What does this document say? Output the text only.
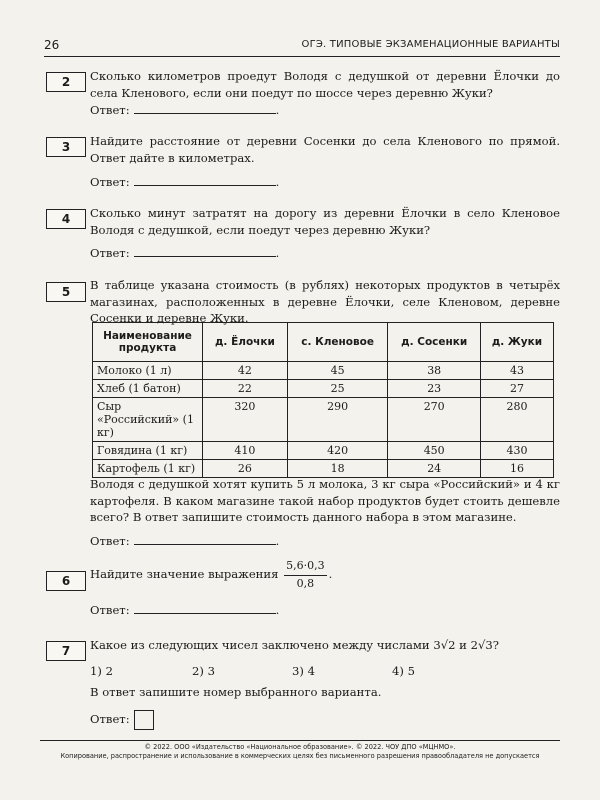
26	ОГЭ. ТИПОВЫЕ ЭКЗАМЕНАЦИОННЫЕ ВАРИАНТЫ
2	Сколько километров проедут Володя с дедушкой от деревни Ёлочки до села Кленового, если они поедут по шоссе через деревню Жуки?
Ответ:	.
3	Найдите расстояние от деревни Сосенки до села Кленового по прямой. Ответ дайте в километрах.
Ответ:	.
4	Сколько минут затратят на дорогу из деревни Ёлочки в село Кленовое Володя с дедушкой, если поедут через деревню Жуки?
Ответ:	.
5	В таблице указана стоимость (в рублях) некоторых продуктов в четырёх магазинах, расположенных в деревне Ёлочки, селе Кленовом, деревне Сосенки и деревне Жуки.
Наименование продукта	д. Ёлочки	с. Кленовое	д. Сосенки	д. Жуки
Молоко (1 л)	42	45	38	43
Хлеб (1 батон)	22	25	23	27
Сыр «Российский» (1 кг)	320	290	270	280
Говядина (1 кг)	410	420	450	430
Картофель (1 кг)	26	18	24	16
Володя с дедушкой хотят купить 5 л молока, 3 кг сыра «Российский» и 4 кг картофеля. В каком магазине такой набор продуктов будет стоить дешевле всего? В ответ запишите стоимость данного набора в этом магазине.
Ответ:	.
6	Найдите значение выражения $\frac{5,6\cdot 0,3}{0,8}$ .
Ответ:	.
7	Какое из следующих чисел заключено между числами 3√2 и 2√3?
1) 2	2) 3	3) 4	4) 5
В ответ запишите номер выбранного варианта.
Ответ:
© 2022. ООО «Издательство «Национальное образование». © 2022. ЧОУ ДПО «МЦНМО».
Копирование, распространение и использование в коммерческих целях без письменного разрешения правообладателя не допускается
